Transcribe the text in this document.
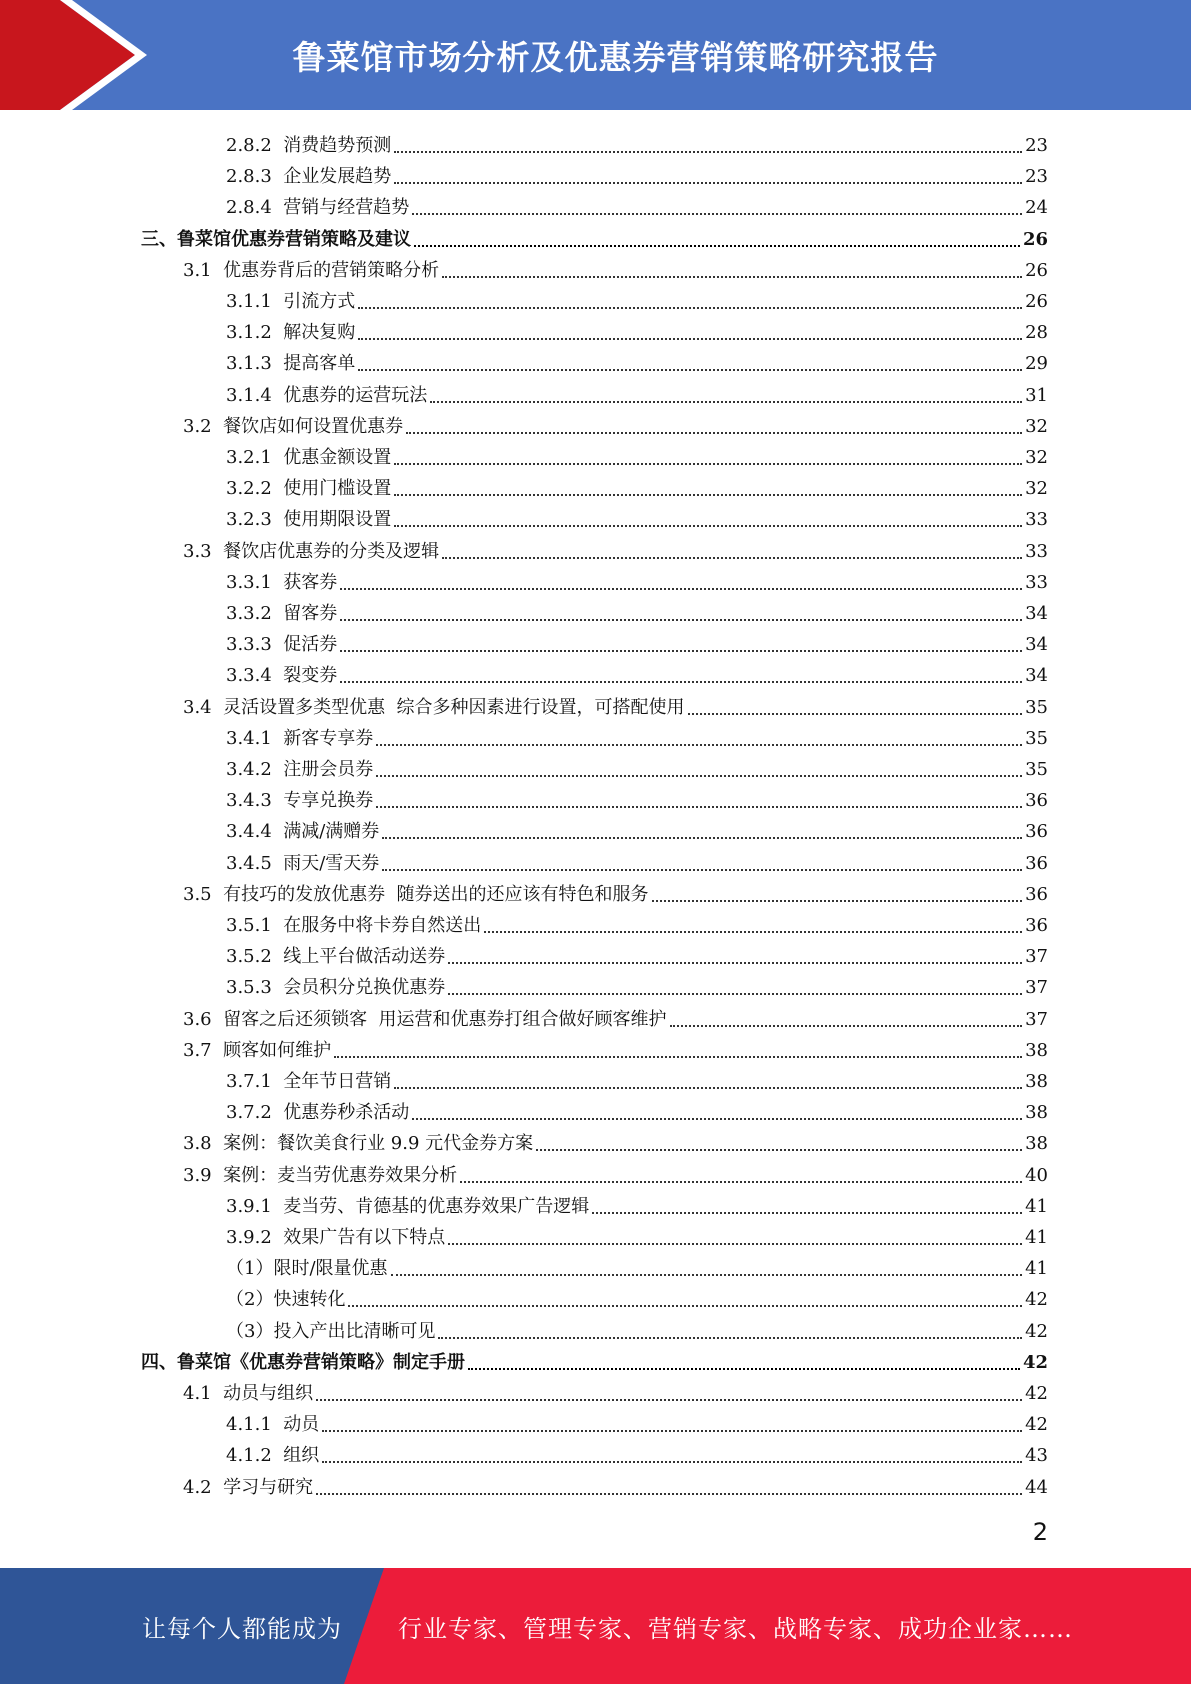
鲁菜馆市场分析及优惠券营销策略研究报告
2.8.2  消费趋势预测	23
2.8.3  企业发展趋势	23
2.8.4  营销与经营趋势	24
三、鲁菜馆优惠券营销策略及建议	26
3.1  优惠券背后的营销策略分析	26
3.1.1  引流方式	26
3.1.2  解决复购	28
3.1.3  提高客单	29
3.1.4  优惠券的运营玩法	31
3.2  餐饮店如何设置优惠券	32
3.2.1  优惠金额设置	32
3.2.2  使用门槛设置	32
3.2.3  使用期限设置	33
3.3  餐饮店优惠券的分类及逻辑	33
3.3.1  获客券	33
3.3.2  留客券	34
3.3.3  促活券	34
3.3.4  裂变券	34
3.4  灵活设置多类型优惠  综合多种因素进行设置，可搭配使用	35
3.4.1  新客专享券	35
3.4.2  注册会员券	35
3.4.3  专享兑换券	36
3.4.4  满减/满赠券	36
3.4.5  雨天/雪天券	36
3.5  有技巧的发放优惠券  随券送出的还应该有特色和服务	36
3.5.1  在服务中将卡券自然送出	36
3.5.2  线上平台做活动送券	37
3.5.3  会员积分兑换优惠券	37
3.6  留客之后还须锁客  用运营和优惠券打组合做好顾客维护	37
3.7  顾客如何维护	38
3.7.1  全年节日营销	38
3.7.2  优惠券秒杀活动	38
3.8  案例：餐饮美食行业 9.9 元代金券方案	38
3.9  案例：麦当劳优惠券效果分析	40
3.9.1  麦当劳、肯德基的优惠券效果广告逻辑	41
3.9.2  效果广告有以下特点	41
（1）限时/限量优惠	41
（2）快速转化	42
（3）投入产出比清晰可见	42
四、鲁菜馆《优惠券营销策略》制定手册	42
4.1  动员与组织	42
4.1.1  动员	42
4.1.2  组织	43
4.2  学习与研究	44
2
让每个人都能成为 行业专家、管理专家、营销专家、战略专家、成功企业家……
